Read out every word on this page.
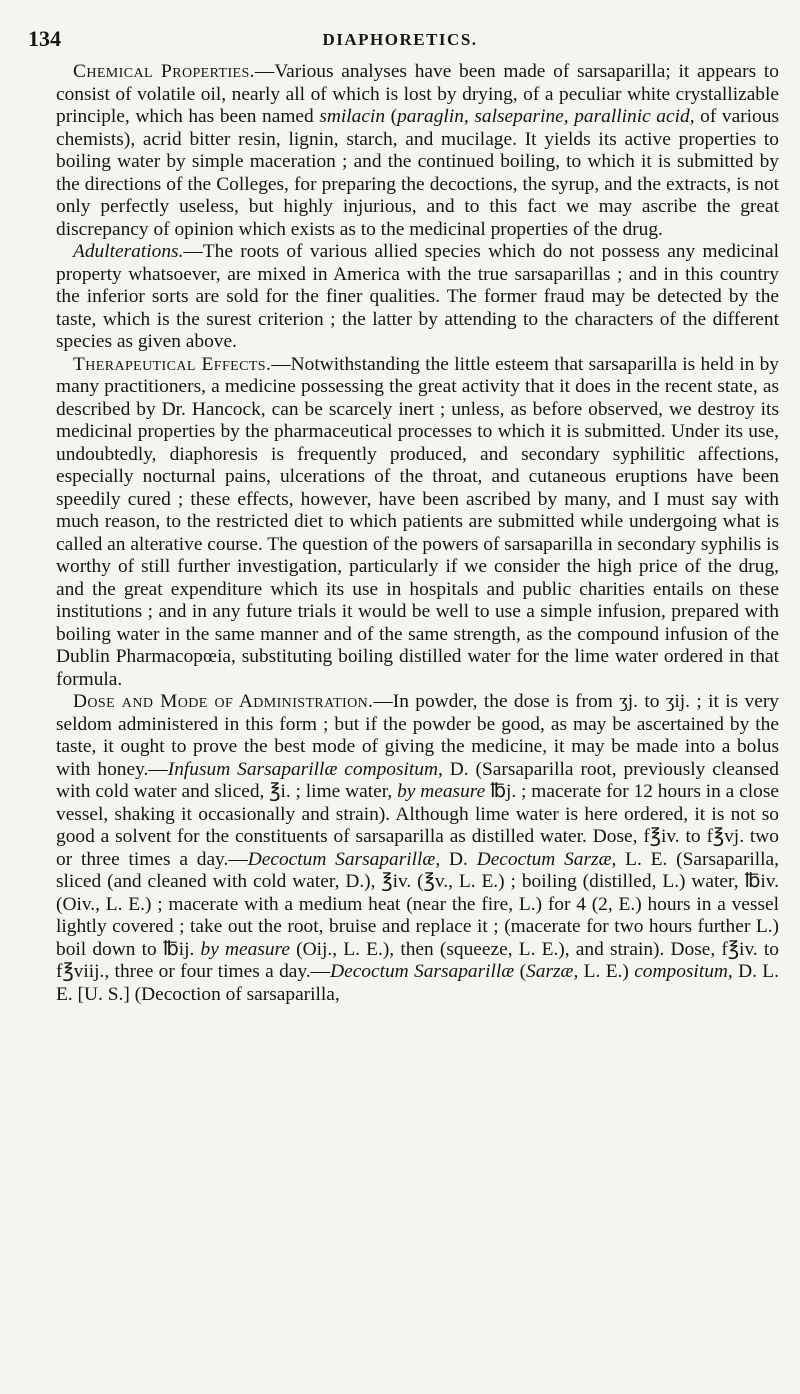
134	DIAPHORETICS.

Chemical Properties.—Various analyses have been made of sarsaparilla; it appears to consist of volatile oil, nearly all of which is lost by drying, of a peculiar white crystallizable principle, which has been named smilacin (paraglin, salseparine, parallinic acid, of various chemists), acrid bitter resin, lignin, starch, and mucilage. It yields its active properties to boiling water by simple maceration ; and the continued boiling, to which it is submitted by the directions of the Colleges, for preparing the decoctions, the syrup, and the extracts, is not only perfectly useless, but highly injurious, and to this fact we may ascribe the great discrepancy of opinion which exists as to the medicinal properties of the drug.

Adulterations.—The roots of various allied species which do not possess any medicinal property whatsoever, are mixed in America with the true sarsaparillas ; and in this country the inferior sorts are sold for the finer qualities. The former fraud may be detected by the taste, which is the surest criterion ; the latter by attending to the characters of the different species as given above.

Therapeutical Effects.—Notwithstanding the little esteem that sarsaparilla is held in by many practitioners, a medicine possessing the great activity that it does in the recent state, as described by Dr. Hancock, can be scarcely inert ; unless, as before observed, we destroy its medicinal properties by the pharmaceutical processes to which it is submitted. Under its use, undoubtedly, diaphoresis is frequently produced, and secondary syphilitic affections, especially nocturnal pains, ulcerations of the throat, and cutaneous eruptions have been speedily cured ; these effects, however, have been ascribed by many, and I must say with much reason, to the restricted diet to which patients are submitted while undergoing what is called an alterative course. The question of the powers of sarsaparilla in secondary syphilis is worthy of still further investigation, particularly if we consider the high price of the drug, and the great expenditure which its use in hospitals and public charities entails on these institutions ; and in any future trials it would be well to use a simple infusion, prepared with boiling water in the same manner and of the same strength, as the compound infusion of the Dublin Pharmacopœia, substituting boiling distilled water for the lime water ordered in that formula.

Dose and Mode of Administration.—In powder, the dose is from ʒj. to ʒij. ; it is very seldom administered in this form ; but if the powder be good, as may be ascertained by the taste, it ought to prove the best mode of giving the medicine, it may be made into a bolus with honey.—Infusum Sarsaparillæ compositum, D. (Sarsaparilla root, previously cleansed with cold water and sliced, ℥i. ; lime water, by measure ℔j. ; macerate for 12 hours in a close vessel, shaking it occasionally and strain). Although lime water is here ordered, it is not so good a solvent for the constituents of sarsaparilla as distilled water. Dose, f℥iv. to f℥vj. two or three times a day.—Decoctum Sarsaparillæ, D. Decoctum Sarzæ, L. E. (Sarsaparilla, sliced (and cleaned with cold water, D.), ℥iv. (℥v., L. E.) ; boiling (distilled, L.) water, ℔iv. (Oiv., L. E.) ; macerate with a medium heat (near the fire, L.) for 4 (2, E.) hours in a vessel lightly covered ; take out the root, bruise and replace it ; (macerate for two hours further L.) boil down to ℔ij. by measure (Oij., L. E.), then (squeeze, L. E.), and strain). Dose, f℥iv. to f℥viij., three or four times a day.—Decoctum Sarsaparillæ (Sarzæ, L. E.) compositum, D. L. E. [U. S.] (Decoction of sarsaparilla,
